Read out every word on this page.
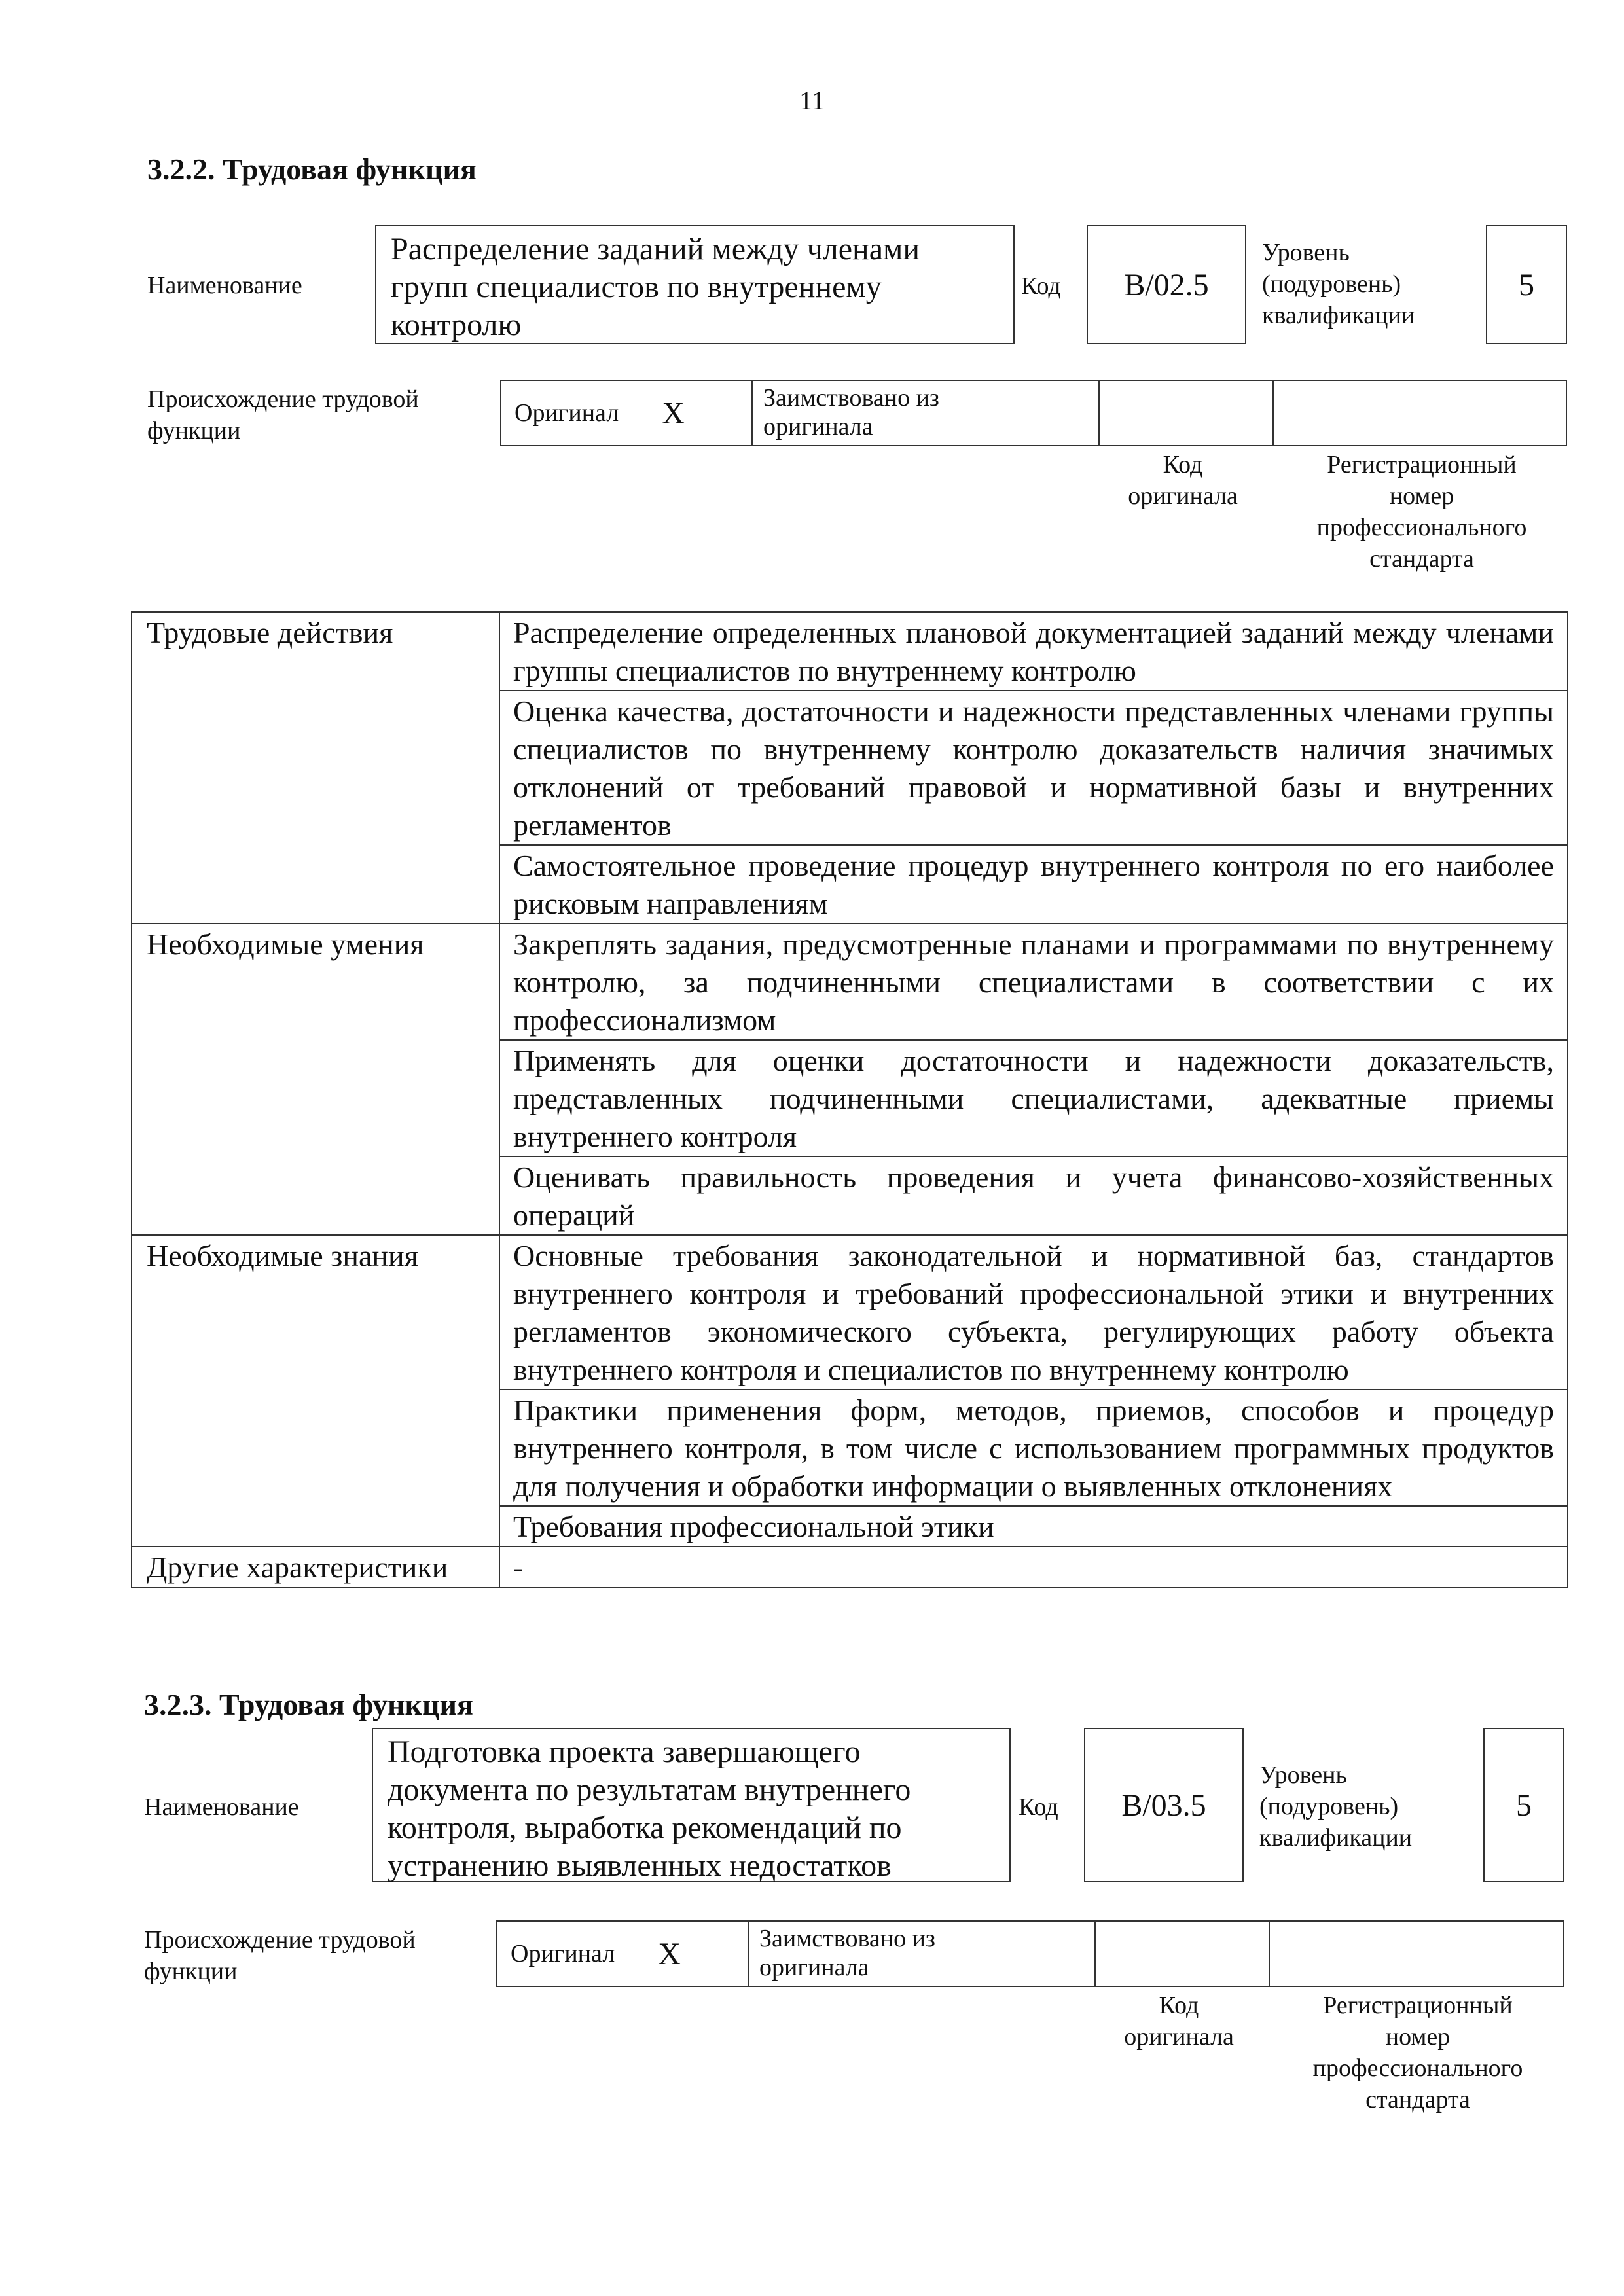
11
3.2.2. Трудовая функция
Наименование
Распределение заданий между членами
групп специалистов по внутреннему
контролю
Код B/02.5
Уровень
(подуровень)
квалификации
5
Происхождение трудовой
функции
Оригинал X	Заимствовано из
оригинала
Код
оригинала
Регистрационный
номер
профессионального
стандарта
Трудовые действия	Распределение определенных плановой документацией заданий между членами группы специалистов по внутреннему контролю
	Оценка качества, достаточности и надежности представленных членами группы специалистов по внутреннему контролю доказательств наличия значимых отклонений от требований правовой и нормативной базы и внутренних регламентов
	Самостоятельное проведение процедур внутреннего контроля по его наиболее рисковым направлениям
Необходимые умения	Закреплять задания, предусмотренные планами и программами по внутреннему контролю, за подчиненными специалистами в соответствии с их профессионализмом
	Применять для оценки достаточности и надежности доказательств, представленных подчиненными специалистами, адекватные приемы внутреннего контроля
	Оценивать правильность проведения и учета финансово-хозяйственных операций
Необходимые знания	Основные требования законодательной и нормативной баз, стандартов внутреннего контроля и требований профессиональной этики и внутренних регламентов экономического субъекта, регулирующих работу объекта внутреннего контроля и специалистов по внутреннему контролю
	Практики применения форм, методов, приемов, способов и процедур внутреннего контроля, в том числе с использованием программных продуктов для получения и обработки информации о выявленных отклонениях
	Требования профессиональной этики
Другие характеристики	-
3.2.3. Трудовая функция
Наименование
Подготовка проекта завершающего
документа по результатам внутреннего
контроля, выработка рекомендаций по
устранению выявленных недостатков
Код B/03.5
Уровень
(подуровень)
квалификации
5
Происхождение трудовой
функции
Оригинал X	Заимствовано из
оригинала
Код
оригинала
Регистрационный
номер
профессионального
стандарта
